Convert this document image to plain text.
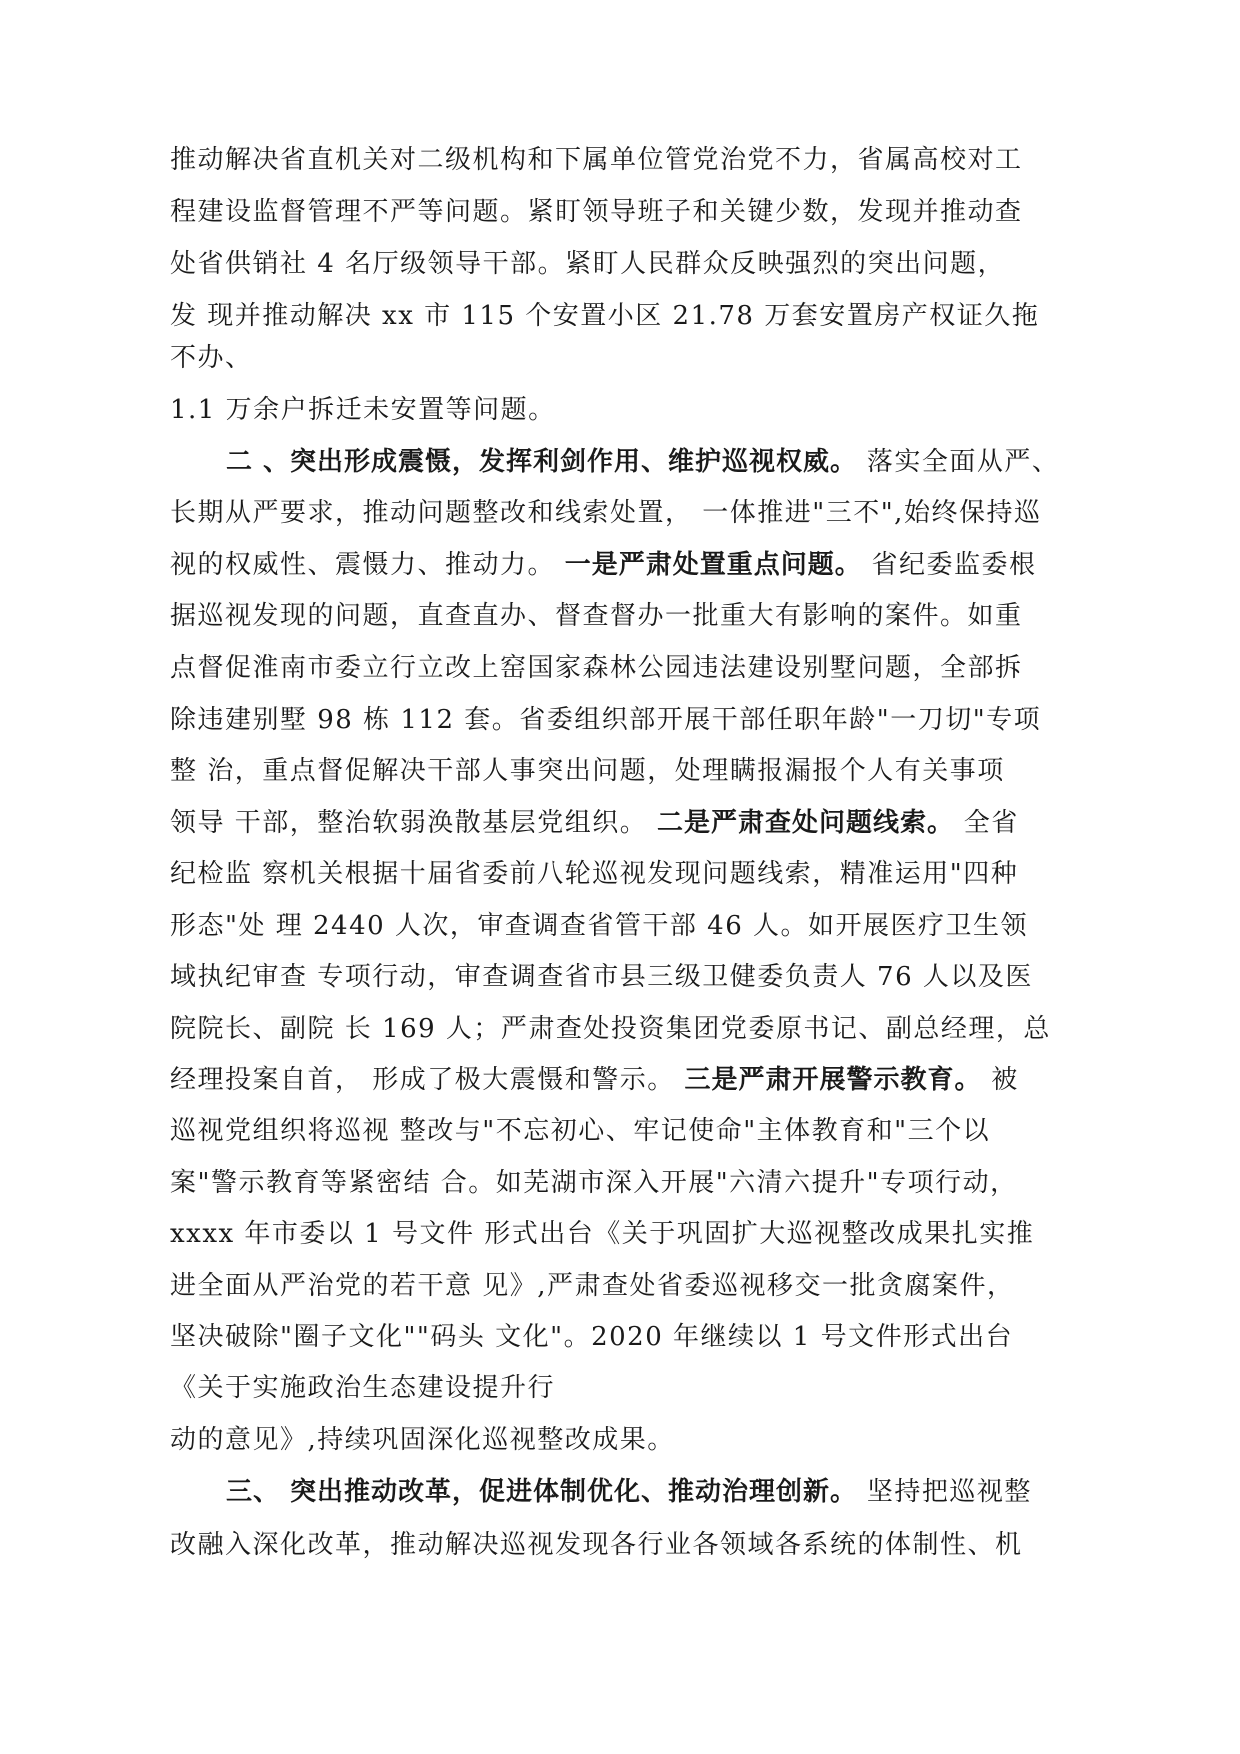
推动解决省直机关对二级机构和下属单位管党治党不力，省属高校对工

程建设监督管理不严等问题。紧盯领导班子和关键少数，发现并推动查

处省供销社 4 名厅级领导干部。紧盯人民群众反映强烈的突出问题，

发 现并推动解决 xx 市 115 个安置小区 21.78 万套安置房产权证久拖

不办、

1.1 万余户拆迁未安置等问题。

二 、突出形成震慑，发挥利剑作用、维护巡视权威。 落实全面从严、

长期从严要求，推动问题整改和线索处置， 一体推进"三不",始终保持巡

视的权威性、震慑力、推动力。 一是严肃处置重点问题。 省纪委监委根

据巡视发现的问题，直查直办、督查督办一批重大有影响的案件。如重

点督促淮南市委立行立改上窑国家森林公园违法建设别墅问题，全部拆

除违建别墅 98 栋 112 套。省委组织部开展干部任职年龄"一刀切"专项

整 治，重点督促解决干部人事突出问题，处理瞒报漏报个人有关事项

领导 干部，整治软弱涣散基层党组织。 二是严肃查处问题线索。 全省

纪检监 察机关根据十届省委前八轮巡视发现问题线索，精准运用"四种

形态"处 理 2440 人次，审查调查省管干部 46 人。如开展医疗卫生领

域执纪审查 专项行动，审查调查省市县三级卫健委负责人 76 人以及医

院院长、副院 长 169 人；严肃查处投资集团党委原书记、副总经理，总

经理投案自首， 形成了极大震慑和警示。 三是严肃开展警示教育。 被

巡视党组织将巡视 整改与"不忘初心、牢记使命"主体教育和"三个以

案"警示教育等紧密结 合。如芜湖市深入开展"六清六提升"专项行动，

xxxx 年市委以 1 号文件 形式出台《关于巩固扩大巡视整改成果扎实推

进全面从严治党的若干意 见》,严肃查处省委巡视移交一批贪腐案件，

坚决破除"圈子文化""码头 文化"。2020 年继续以 1 号文件形式出台

《关于实施政治生态建设提升行

动的意见》,持续巩固深化巡视整改成果。

三、 突出推动改革，促进体制优化、推动治理创新。 坚持把巡视整

改融入深化改革，推动解决巡视发现各行业各领域各系统的体制性、机
